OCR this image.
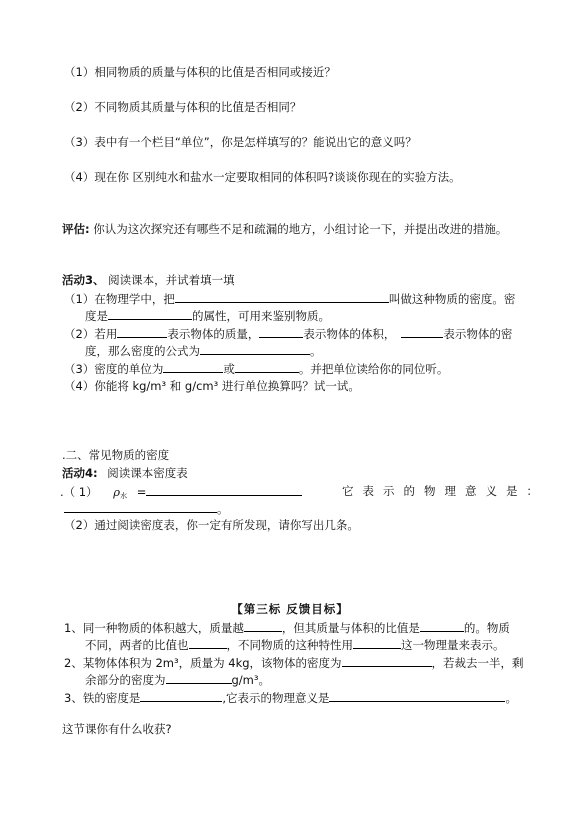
（1）相同物质的质量与体积的比值是否相同或接近？
（2）不同物质其质量与体积的比值是否相同？
（3）表中有一个栏目“单位”，你是怎样填写的？能说出它的意义吗？
（4）现在你 区别纯水和盐水一定要取相同的体积吗?谈谈你现在的实验方法。
评估: 你认为这次探究还有哪些不足和疏漏的地方，小组讨论一下，并提出改进的措施。
活动3、 阅读课本，并试着填一填
（1）在物理学中，把	叫做这种物质的密度。密
度是	的属性，可用来鉴别物质。
（2）若用	表示物体的质量，	表示物体的体积，	表示物体的密
度，那么密度的公式为	。
（3）密度的单位为	或	。并把单位读给你的同位听。
（4）你能将 kg/m³ 和 g/cm³ 进行单位换算吗？试一试。
.二、常见物质的密度
活动4: 阅读课本密度表
.（ 1） $\rho_水$ =	它表示的物理意义是：
。
（2）通过阅读密度表，你一定有所发现，请你写出几条。
【第三标 反馈目标】
1、同一种物质的体积越大，质量越	，但其质量与体积的比值是	的。物质
不同，两者的比值也	，不同物质的这种特性用	这一物理量来表示。
2、某物体体积为 2m³，质量为 4kg，该物体的密度为	，若裁去一半，剩
余部分的密度为	g/m³。
3、铁的密度是	,它表示的物理意义是	。
这节课你有什么收获?
